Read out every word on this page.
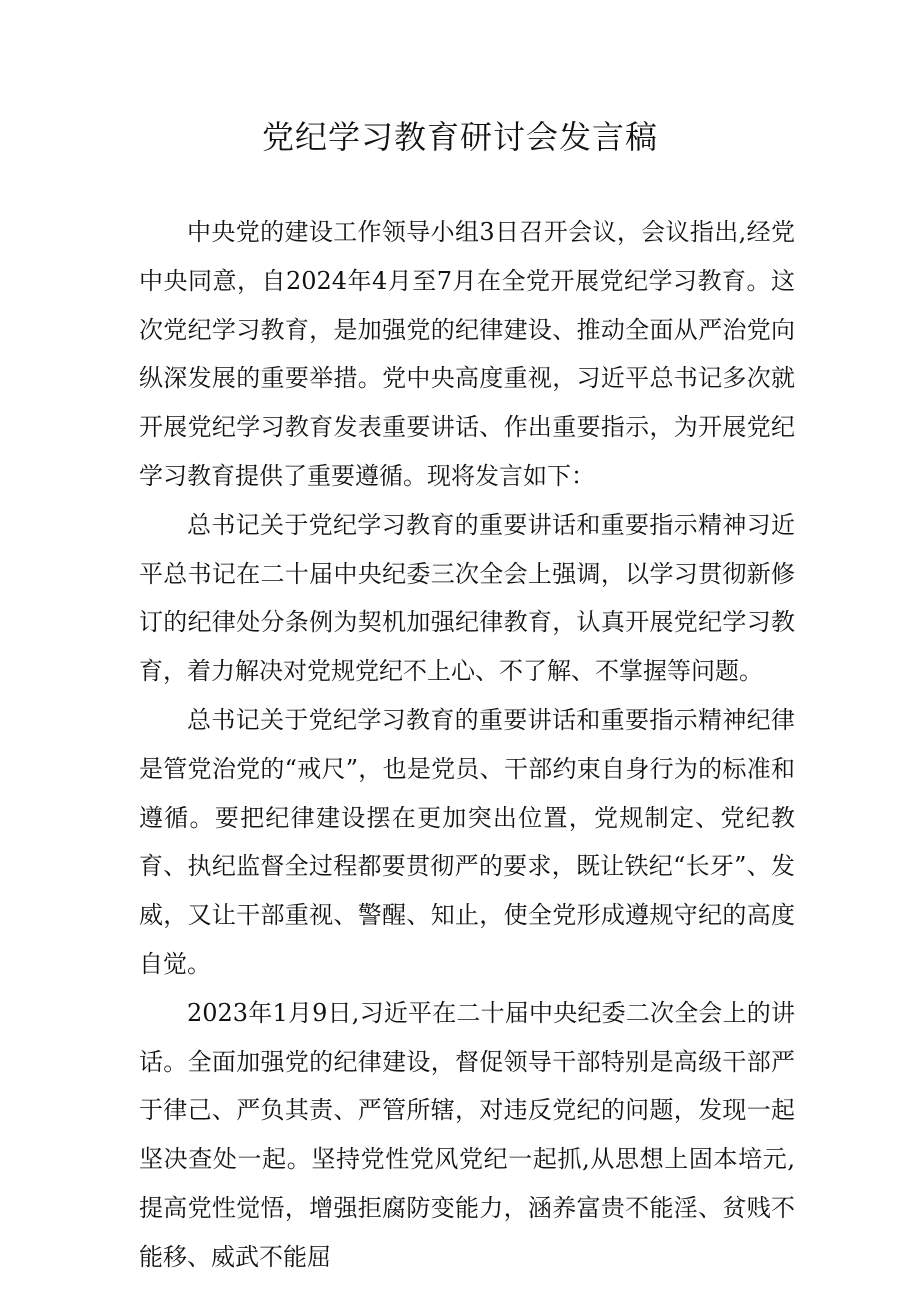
党纪学习教育研讨会发言稿

中央党的建设工作领导小组3日召开会议，会议指出,经党中央同意，自2024年4月至7月在全党开展党纪学习教育。这次党纪学习教育，是加强党的纪律建设、推动全面从严治党向纵深发展的重要举措。党中央高度重视，习近平总书记多次就开展党纪学习教育发表重要讲话、作出重要指示，为开展党纪学习教育提供了重要遵循。现将发言如下：

总书记关于党纪学习教育的重要讲话和重要指示精神习近平总书记在二十届中央纪委三次全会上强调，以学习贯彻新修订的纪律处分条例为契机加强纪律教育，认真开展党纪学习教育，着力解决对党规党纪不上心、不了解、不掌握等问题。

总书记关于党纪学习教育的重要讲话和重要指示精神纪律是管党治党的“戒尺”，也是党员、干部约束自身行为的标准和遵循。要把纪律建设摆在更加突出位置，党规制定、党纪教育、执纪监督全过程都要贯彻严的要求，既让铁纪“长牙”、发威，又让干部重视、警醒、知止，使全党形成遵规守纪的高度自觉。

2023年1月9日,习近平在二十届中央纪委二次全会上的讲话。全面加强党的纪律建设，督促领导干部特别是高级干部严于律己、严负其责、严管所辖，对违反党纪的问题，发现一起坚决查处一起。坚持党性党风党纪一起抓,从思想上固本培元,提高党性觉悟，增强拒腐防变能力，涵养富贵不能淫、贫贱不能移、威武不能屈
